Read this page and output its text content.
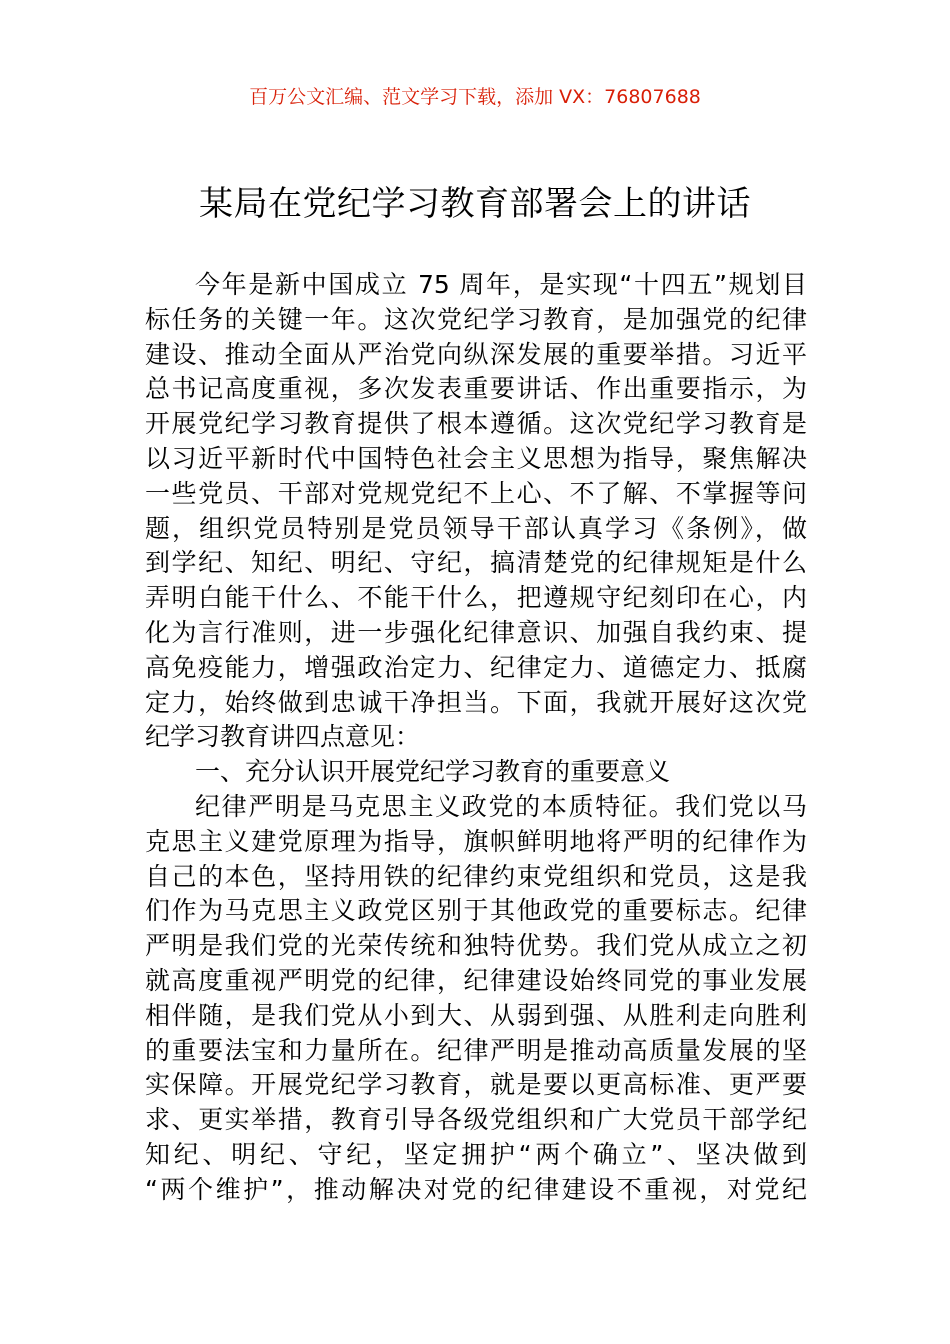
百万公文汇编、范文学习下载，添加 VX：76807688
某局在党纪学习教育部署会上的讲话
今年是新中国成立 75 周年，是实现“十四五”规划目
标任务的关键一年。这次党纪学习教育，是加强党的纪律
建设、推动全面从严治党向纵深发展的重要举措。习近平
总书记高度重视，多次发表重要讲话、作出重要指示，为
开展党纪学习教育提供了根本遵循。这次党纪学习教育是
以习近平新时代中国特色社会主义思想为指导，聚焦解决
一些党员、干部对党规党纪不上心、不了解、不掌握等问
题，组织党员特别是党员领导干部认真学习《条例》，做
到学纪、知纪、明纪、守纪，搞清楚党的纪律规矩是什么
弄明白能干什么、不能干什么，把遵规守纪刻印在心，内
化为言行准则，进一步强化纪律意识、加强自我约束、提
高免疫能力，增强政治定力、纪律定力、道德定力、抵腐
定力，始终做到忠诚干净担当。下面，我就开展好这次党
纪学习教育讲四点意见：
一、充分认识开展党纪学习教育的重要意义
纪律严明是马克思主义政党的本质特征。我们党以马
克思主义建党原理为指导，旗帜鲜明地将严明的纪律作为
自己的本色，坚持用铁的纪律约束党组织和党员，这是我
们作为马克思主义政党区别于其他政党的重要标志。纪律
严明是我们党的光荣传统和独特优势。我们党从成立之初
就高度重视严明党的纪律，纪律建设始终同党的事业发展
相伴随，是我们党从小到大、从弱到强、从胜利走向胜利
的重要法宝和力量所在。纪律严明是推动高质量发展的坚
实保障。开展党纪学习教育，就是要以更高标准、更严要
求、更实举措，教育引导各级党组织和广大党员干部学纪
知纪、明纪、守纪，坚定拥护“两个确立”、坚决做到
“两个维护”，推动解决对党的纪律建设不重视，对党纪
